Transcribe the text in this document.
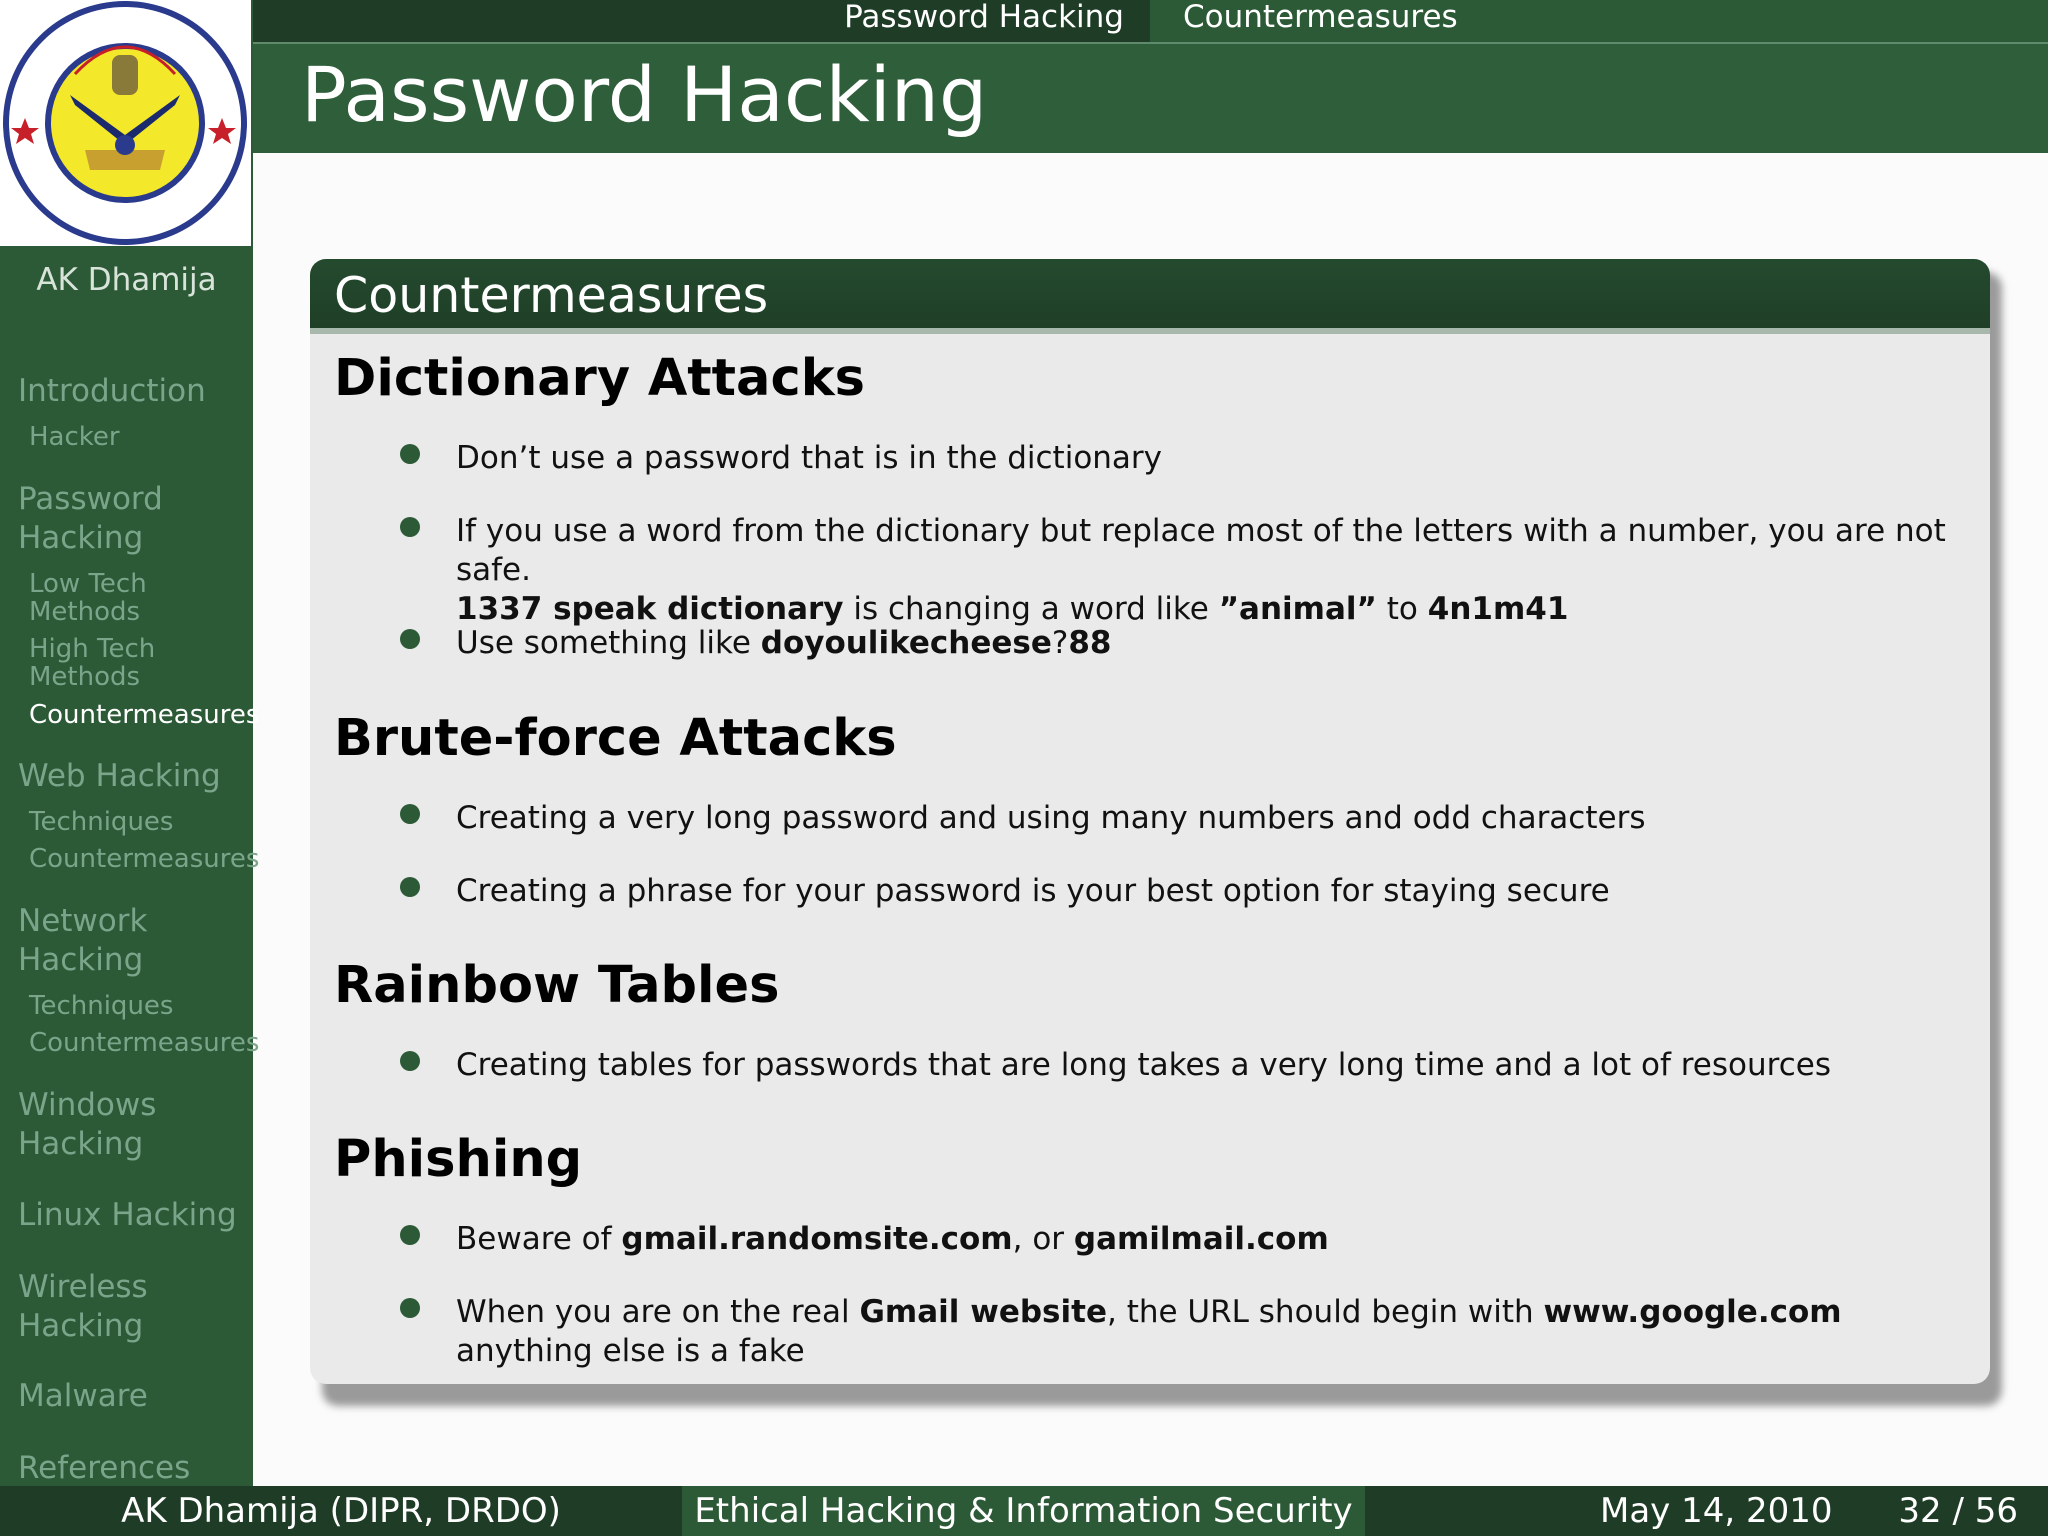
AK Dhamija
Introduction
Hacker
Password Hacking
Low Tech Methods
High Tech Methods
Countermeasures
Web Hacking
Techniques
Countermeasures
Network Hacking
Techniques
Countermeasures
Windows Hacking
Linux Hacking
Wireless Hacking
Malware
References
Password Hacking	Countermeasures
Password Hacking
Countermeasures
Dictionary Attacks
Don’t use a password that is in the dictionary
If you use a word from the dictionary but replace most of the letters with a number, you are not safe.
1337 speak dictionary is changing a word like ”animal” to 4n1m41
Use something like doyoulikecheese?88
Brute-force Attacks
Creating a very long password and using many numbers and odd characters
Creating a phrase for your password is your best option for staying secure
Rainbow Tables
Creating tables for passwords that are long takes a very long time and a lot of resources
Phishing
Beware of gmail.randomsite.com, or gamilmail.com
When you are on the real Gmail website, the URL should begin with www.google.com anything else is a fake
AK Dhamija (DIPR, DRDO)	Ethical Hacking & Information Security	May 14, 2010 32 / 56
